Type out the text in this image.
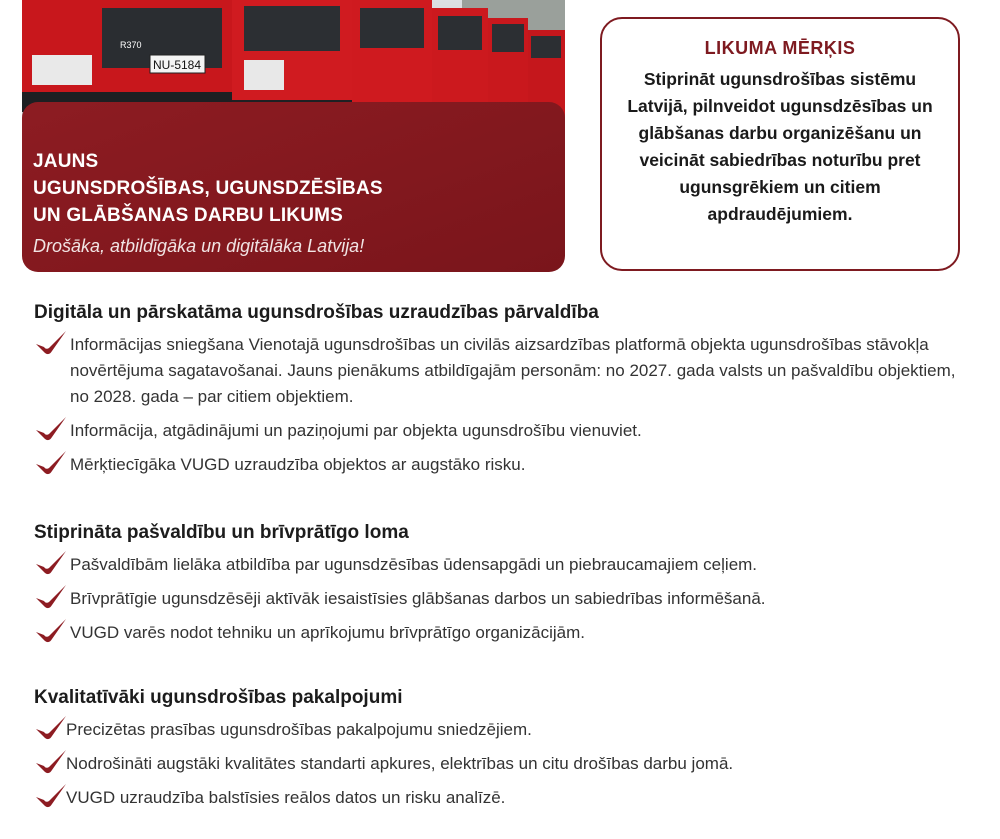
NU-5184
R370
JAUNS
UGUNSDROŠĪBAS, UGUNSDZĒSĪBAS
UN GLĀBŠANAS DARBU LIKUMS
Drošāka, atbildīgāka un digitālāka Latvija!
LIKUMA MĒRĶIS
Stiprināt ugunsdrošības sistēmu Latvijā, pilnveidot ugunsdzēsības un glābšanas darbu organizēšanu un veicināt sabiedrības noturību pret ugunsgrēkiem un citiem apdraudējumiem.
Digitāla un pārskatāma ugunsdrošības uzraudzības pārvaldība
Informācijas sniegšana Vienotajā ugunsdrošības un civilās aizsardzības platformā objekta ugunsdrošības stāvokļa novērtējuma sagatavošanai. Jauns pienākums atbildīgajām personām: no 2027. gada valsts un pašvaldību objektiem, no 2028. gada – par citiem objektiem.
Informācija, atgādinājumi un paziņojumi par objekta ugunsdrošību vienuviet.
Mērķtiecīgāka VUGD uzraudzība objektos ar augstāko risku.
Stiprināta pašvaldību un brīvprātīgo loma
Pašvaldībām lielāka atbildība par ugunsdzēsības ūdensapgādi un piebraucamajiem ceļiem.
Brīvprātīgie ugunsdzēsēji aktīvāk iesaistīsies glābšanas darbos un sabiedrības informēšanā.
VUGD varēs nodot tehniku un aprīkojumu brīvprātīgo organizācijām.
Kvalitatīvāki ugunsdrošības pakalpojumi
Precizētas prasības ugunsdrošības pakalpojumu sniedzējiem.
Nodrošināti augstāki kvalitātes standarti apkures, elektrības un citu drošības darbu jomā.
VUGD uzraudzība balstīsies reālos datos un risku analīzē.
